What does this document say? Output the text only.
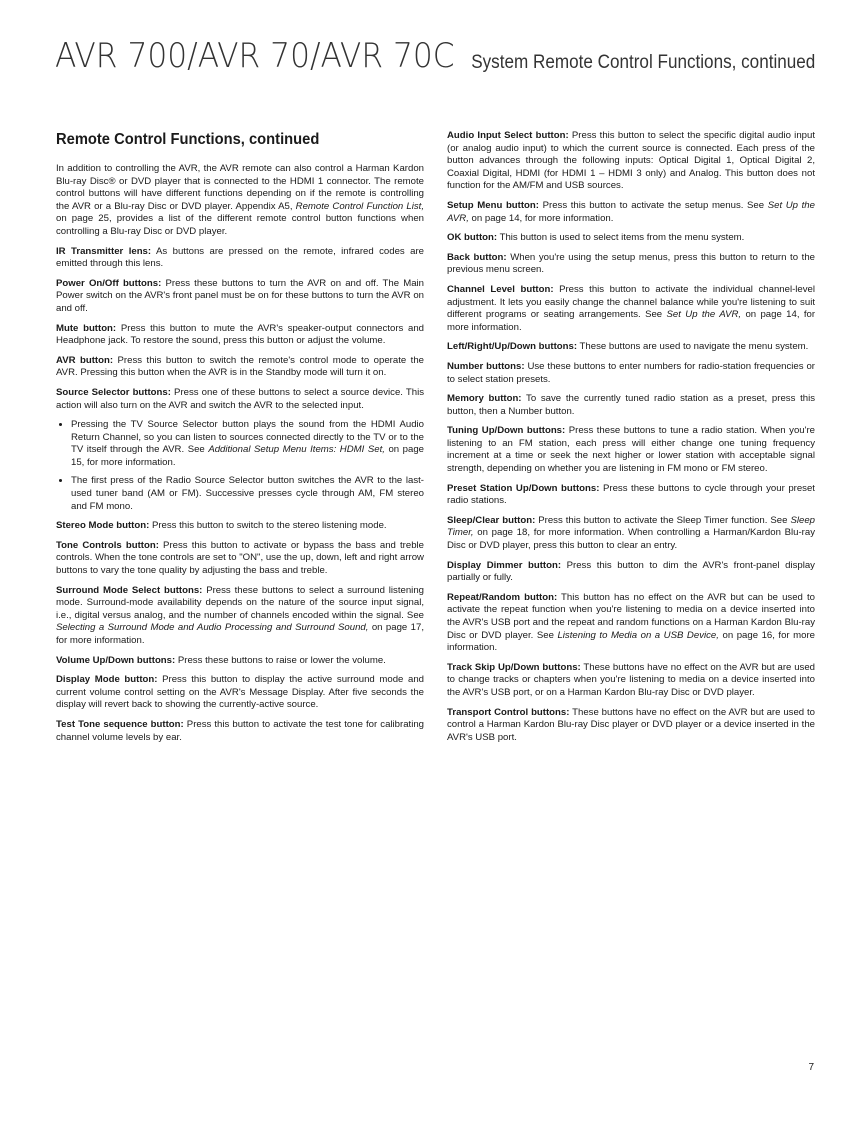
AVR 700/AVR 70/AVR 70C System Remote Control Functions, continued
Remote Control Functions, continued

In addition to controlling the AVR, the AVR remote can also control a Harman Kardon Blu-ray Disc® or DVD player that is connected to the HDMI 1 connector. The remote control buttons will have different functions depending on if the remote is controlling the AVR or a Blu-ray Disc or DVD player. Appendix A5, Remote Control Function List, on page 25, provides a list of the different remote control button functions when controlling a Blu-ray Disc or DVD player.

IR Transmitter lens: As buttons are pressed on the remote, infrared codes are emitted through this lens.

Power On/Off buttons: Press these buttons to turn the AVR on and off. The Main Power switch on the AVR's front panel must be on for these buttons to turn the AVR on and off.

Mute button: Press this button to mute the AVR's speaker-output connectors and Headphone jack. To restore the sound, press this button or adjust the volume.

AVR button: Press this button to switch the remote's control mode to operate the AVR. Pressing this button when the AVR is in the Standby mode will turn it on.

Source Selector buttons: Press one of these buttons to select a source device. This action will also turn on the AVR and switch the AVR to the selected input.

• Pressing the TV Source Selector button plays the sound from the HDMI Audio Return Channel, so you can listen to sources connected directly to the TV or to the TV itself through the AVR. See Additional Setup Menu Items: HDMI Set, on page 15, for more information.
• The first press of the Radio Source Selector button switches the AVR to the last-used tuner band (AM or FM). Successive presses cycle through AM, FM stereo and FM mono.

Stereo Mode button: Press this button to switch to the stereo listening mode.

Tone Controls button: Press this button to activate or bypass the bass and treble controls. When the tone controls are set to "ON", use the up, down, left and right arrow buttons to vary the tone quality by adjusting the bass and treble.

Surround Mode Select buttons: Press these buttons to select a surround listening mode. Surround-mode availability depends on the nature of the source input signal, i.e., digital versus analog, and the number of channels encoded within the signal. See Selecting a Surround Mode and Audio Processing and Surround Sound, on page 17, for more information.

Volume Up/Down buttons: Press these buttons to raise or lower the volume.

Display Mode button: Press this button to display the active surround mode and current volume control setting on the AVR's Message Display. After five seconds the display will revert back to showing the currently-active source.

Test Tone sequence button: Press this button to activate the test tone for calibrating channel volume levels by ear.

Audio Input Select button: Press this button to select the specific digital audio input (or analog audio input) to which the current source is connected. Each press of the button advances through the following inputs: Optical Digital 1, Optical Digital 2, Coaxial Digital, HDMI (for HDMI 1 – HDMI 3 only) and Analog. This button does not function for the AM/FM and USB sources.

Setup Menu button: Press this button to activate the setup menus. See Set Up the AVR, on page 14, for more information.

OK button: This button is used to select items from the menu system.

Back button: When you're using the setup menus, press this button to return to the previous menu screen.

Channel Level button: Press this button to activate the individual channel-level adjustment. It lets you easily change the channel balance while you're listening to suit different programs or seating arrangements. See Set Up the AVR, on page 14, for more information.

Left/Right/Up/Down buttons: These buttons are used to navigate the menu system.

Number buttons: Use these buttons to enter numbers for radio-station frequencies or to select station presets.

Memory button: To save the currently tuned radio station as a preset, press this button, then a Number button.

Tuning Up/Down buttons: Press these buttons to tune a radio station. When you're listening to an FM station, each press will either change one tuning frequency increment at a time or seek the next higher or lower station with acceptable signal strength, depending on whether you are listening in FM mono or FM stereo.

Preset Station Up/Down buttons: Press these buttons to cycle through your preset radio stations.

Sleep/Clear button: Press this button to activate the Sleep Timer function. See Sleep Timer, on page 18, for more information. When controlling a Harman/Kardon Blu-ray Disc or DVD player, press this button to clear an entry.

Display Dimmer button: Press this button to dim the AVR's front-panel display partially or fully.

Repeat/Random button: This button has no effect on the AVR but can be used to activate the repeat function when you're listening to media on a device inserted into the AVR's USB port and the repeat and random functions on a Harman Kardon Blu-ray Disc or DVD player. See Listening to Media on a USB Device, on page 16, for more information.

Track Skip Up/Down buttons: These buttons have no effect on the AVR but are used to change tracks or chapters when you're listening to media on a device inserted into the AVR's USB port, or on a Harman Kardon Blu-ray Disc or DVD player.

Transport Control buttons: These buttons have no effect on the AVR but are used to control a Harman Kardon Blu-ray Disc player or DVD player or a device inserted in the AVR's USB port.

7
